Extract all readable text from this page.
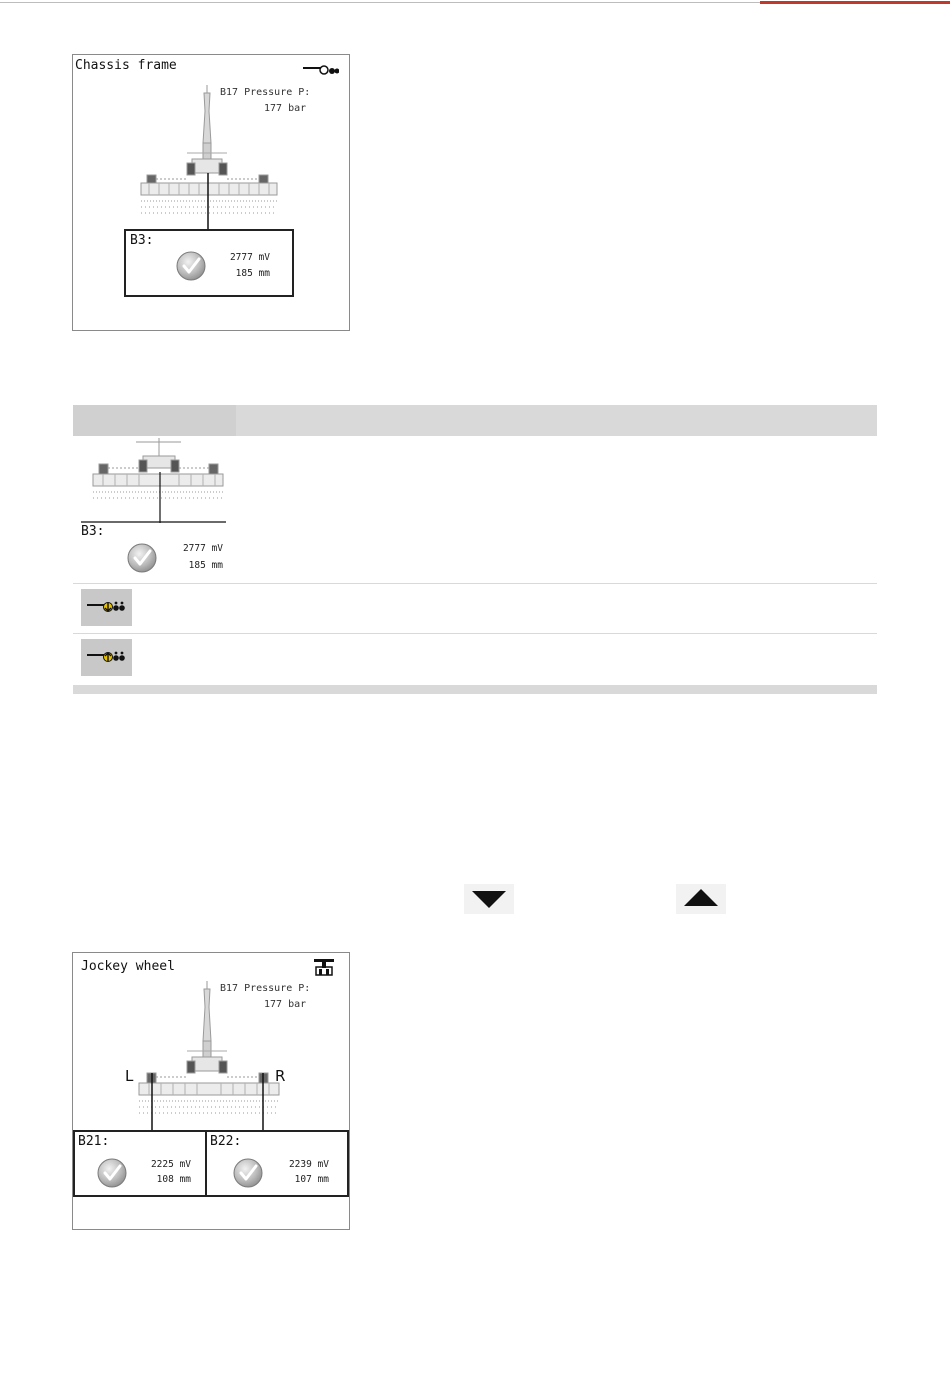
Chassis frame
B17 Pressure P:
177 bar
B3:
2777 mV
185 mm
B3:
2777 mV
185 mm
Jockey wheel
B17 Pressure P:
177 bar
L	R
B21:
2225 mV
108 mm
B22:
2239 mV
107 mm
